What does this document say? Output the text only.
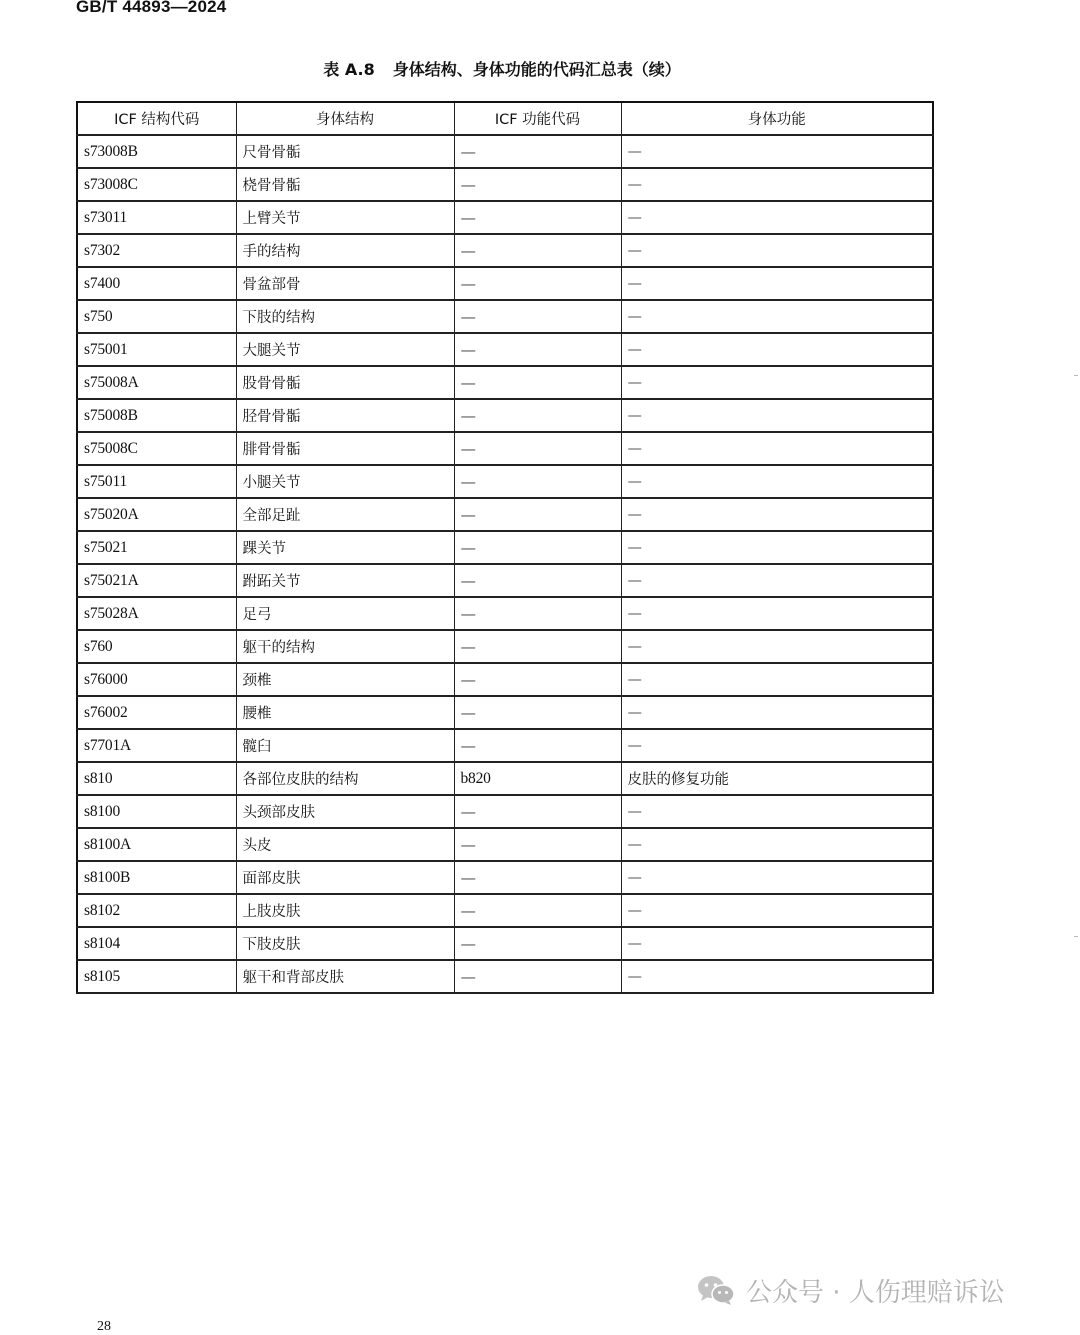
GB/T 44893—2024
表 A.8 身体结构、身体功能的代码汇总表（续）
ICF 结构代码	身体结构	ICF 功能代码	身体功能
s73008B	尺骨骨骺	—	—
s73008C	桡骨骨骺	—	—
s73011	上臂关节	—	—
s7302	手的结构	—	—
s7400	骨盆部骨	—	—
s750	下肢的结构	—	—
s75001	大腿关节	—	—
s75008A	股骨骨骺	—	—
s75008B	胫骨骨骺	—	—
s75008C	腓骨骨骺	—	—
s75011	小腿关节	—	—
s75020A	全部足趾	—	—
s75021	踝关节	—	—
s75021A	跗跖关节	—	—
s75028A	足弓	—	—
s760	躯干的结构	—	—
s76000	颈椎	—	—
s76002	腰椎	—	—
s7701A	髋臼	—	—
s810	各部位皮肤的结构	b820	皮肤的修复功能
s8100	头颈部皮肤	—	—
s8100A	头皮	—	—
s8100B	面部皮肤	—	—
s8102	上肢皮肤	—	—
s8104	下肢皮肤	—	—
s8105	躯干和背部皮肤	—	—
公众号 · 人伤理赔诉讼
28
